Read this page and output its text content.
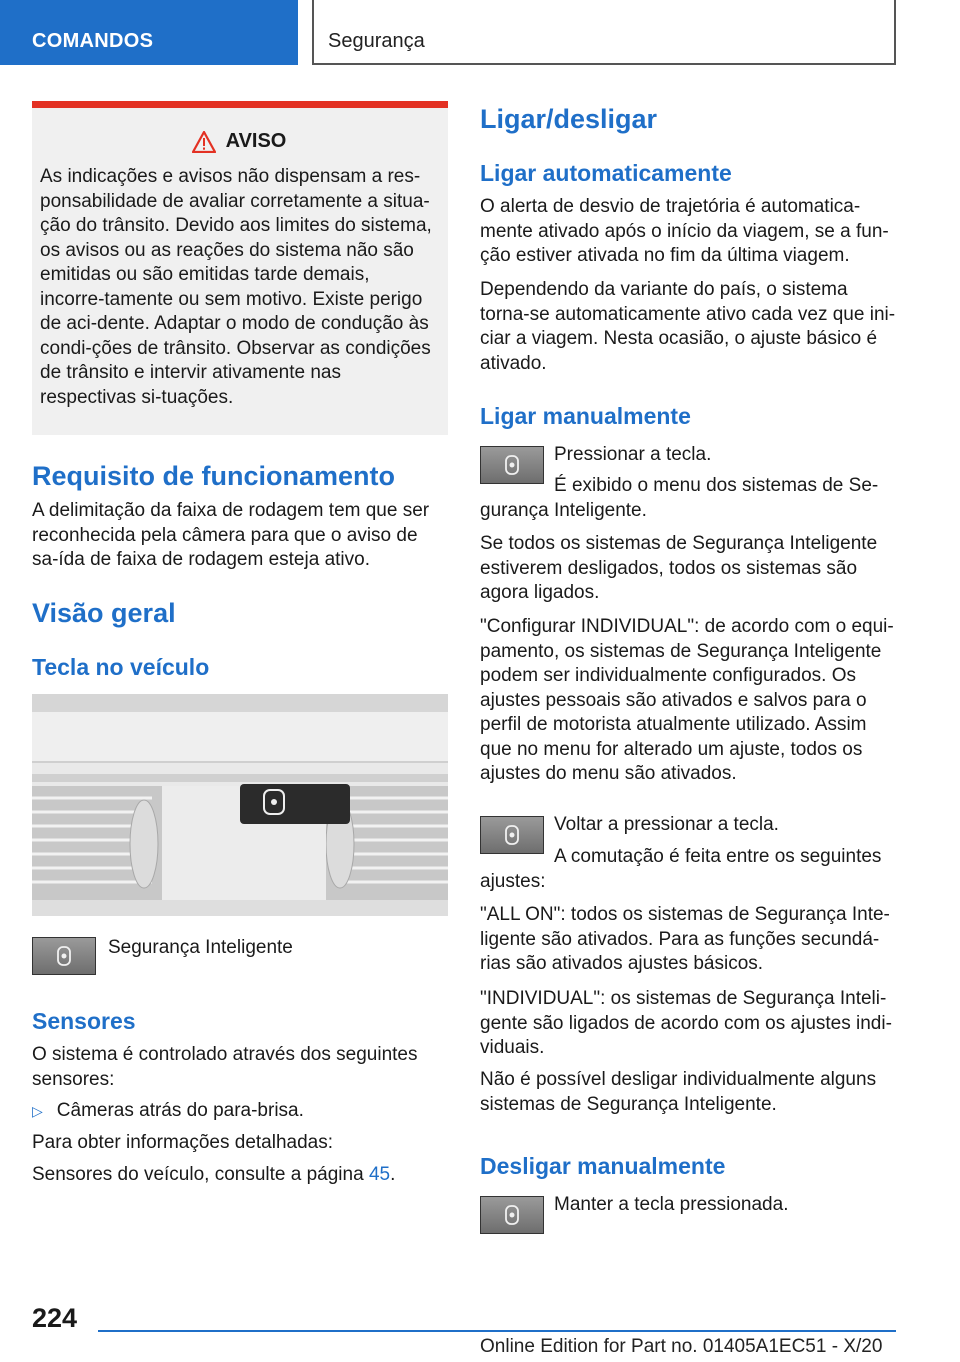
COMANDOS	Segurança
AVISO
As indicações e avisos não dispensam a res-ponsabilidade de avaliar corretamente a situa-ção do trânsito. Devido aos limites do sistema, os avisos ou as reações do sistema não são emitidas ou são emitidas tarde demais, incorre-tamente ou sem motivo. Existe perigo de aci-dente. Adaptar o modo de condução às condi-ções de trânsito. Observar as condições de trânsito e intervir ativamente nas respectivas si-tuações.
Requisito de funcionamento
A delimitação da faixa de rodagem tem que ser reconhecida pela câmera para que o aviso de sa-ída de faixa de rodagem esteja ativo.
Visão geral
Tecla no veículo
Segurança Inteligente
Sensores
O sistema é controlado através dos seguintes sensores:
▷ Câmeras atrás do para-brisa.
Para obter informações detalhadas:
Sensores do veículo, consulte a página 45.
Ligar/desligar
Ligar automaticamente
O alerta de desvio de trajetória é automatica-mente ativado após o início da viagem, se a fun-ção estiver ativada no fim da última viagem.
Dependendo da variante do país, o sistema torna-se automaticamente ativo cada vez que ini-ciar a viagem. Nesta ocasião, o ajuste básico é ativado.
Ligar manualmente
Pressionar a tecla.
É exibido o menu dos sistemas de Se-gurança Inteligente.
Se todos os sistemas de Segurança Inteligente estiverem desligados, todos os sistemas são agora ligados.
"Configurar INDIVIDUAL": de acordo com o equi-pamento, os sistemas de Segurança Inteligente podem ser individualmente configurados. Os ajustes pessoais são ativados e salvos para o perfil de motorista atualmente utilizado. Assim que no menu for alterado um ajuste, todos os ajustes do menu são ativados.
Voltar a pressionar a tecla.
A comutação é feita entre os seguintes ajustes:
"ALL ON": todos os sistemas de Segurança Inte-ligente são ativados. Para as funções secundá-rias são ativados ajustes básicos.
"INDIVIDUAL": os sistemas de Segurança Inteli-gente são ligados de acordo com os ajustes indi-viduais.
Não é possível desligar individualmente alguns sistemas de Segurança Inteligente.
Desligar manualmente
Manter a tecla pressionada.
224
Online Edition for Part no. 01405A1EC51 - X/20
